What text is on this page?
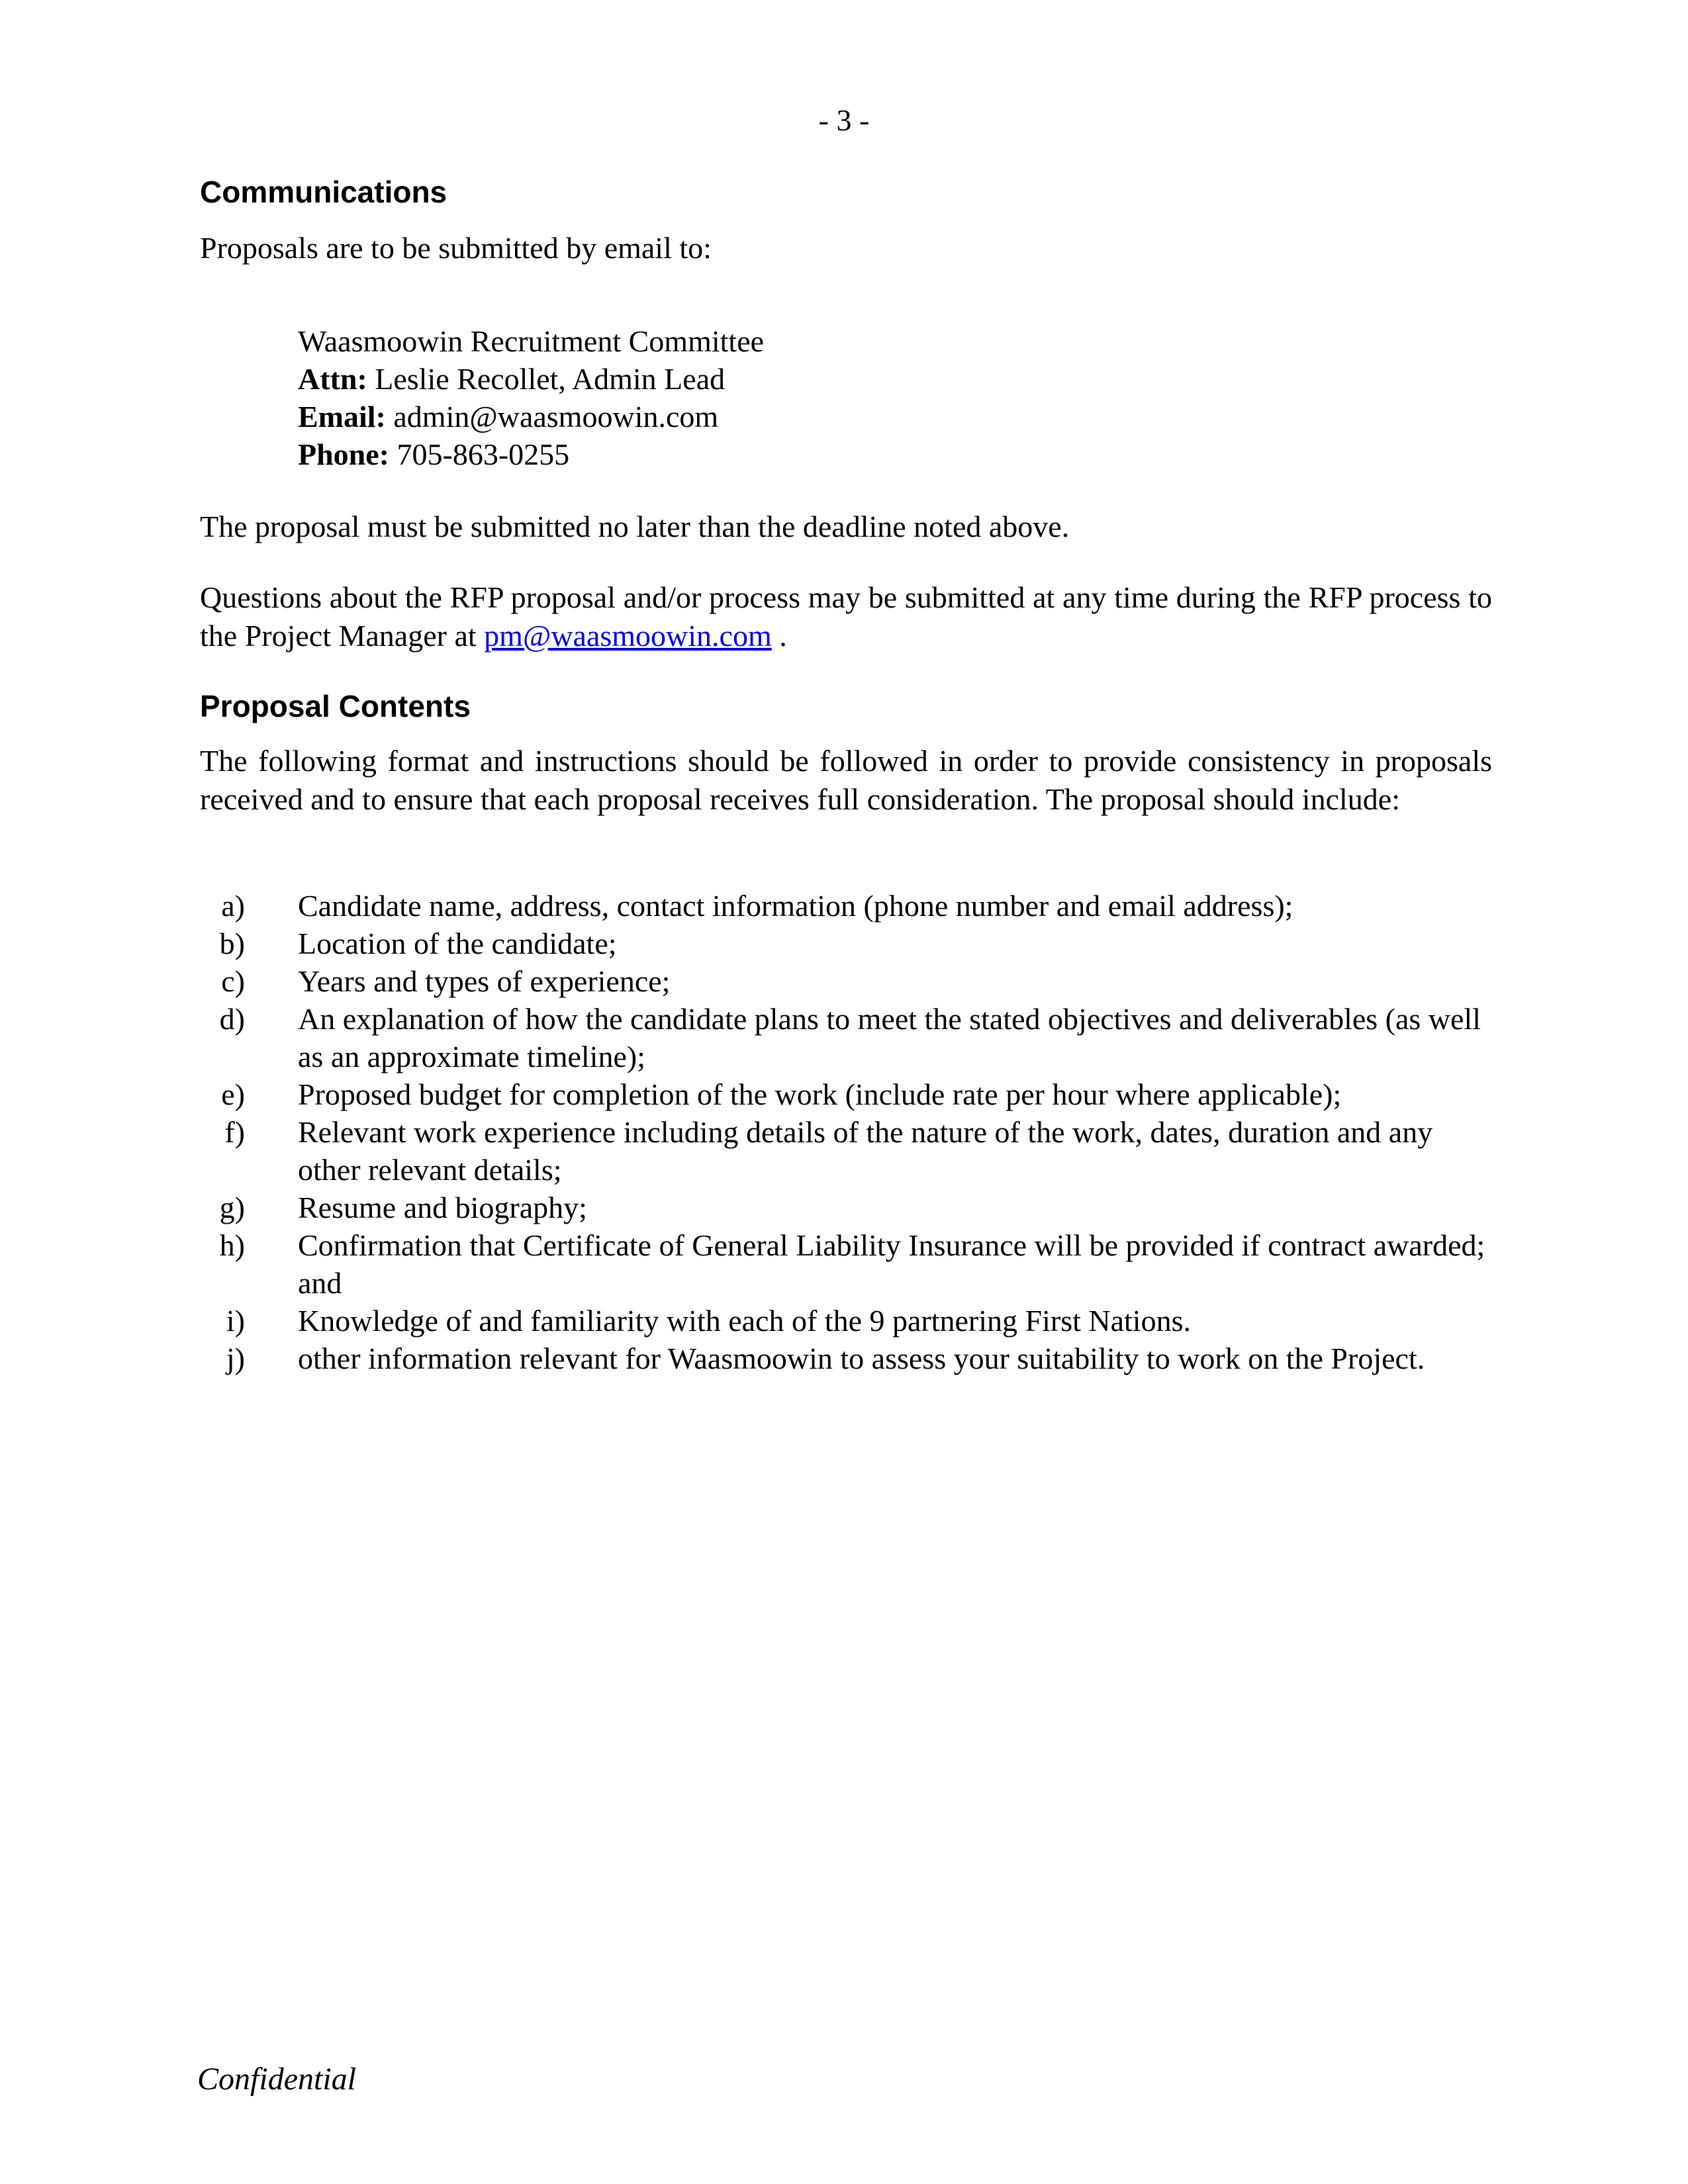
- 3 -
Communications

Proposals are to be submitted by email to:

Waasmoowin Recruitment Committee
Attn: Leslie Recollet, Admin Lead
Email: admin@waasmoowin.com
Phone: 705-863-0255

The proposal must be submitted no later than the deadline noted above.

Questions about the RFP proposal and/or process may be submitted at any time during the RFP process to the Project Manager at pm@waasmoowin.com .

Proposal Contents

The following format and instructions should be followed in order to provide consistency in proposals received and to ensure that each proposal receives full consideration. The proposal should include:

a)	Candidate name, address, contact information (phone number and email address);
b)	Location of the candidate;
c)	Years and types of experience;
d)	An explanation of how the candidate plans to meet the stated objectives and deliverables (as well as an approximate timeline);
e)	Proposed budget for completion of the work (include rate per hour where applicable);
f)	Relevant work experience including details of the nature of the work, dates, duration and any other relevant details;
g)	Resume and biography;
h)	Confirmation that Certificate of General Liability Insurance will be provided if contract awarded; and
i)	Knowledge of and familiarity with each of the 9 partnering First Nations.
j)	other information relevant for Waasmoowin to assess your suitability to work on the Project.
Confidential
